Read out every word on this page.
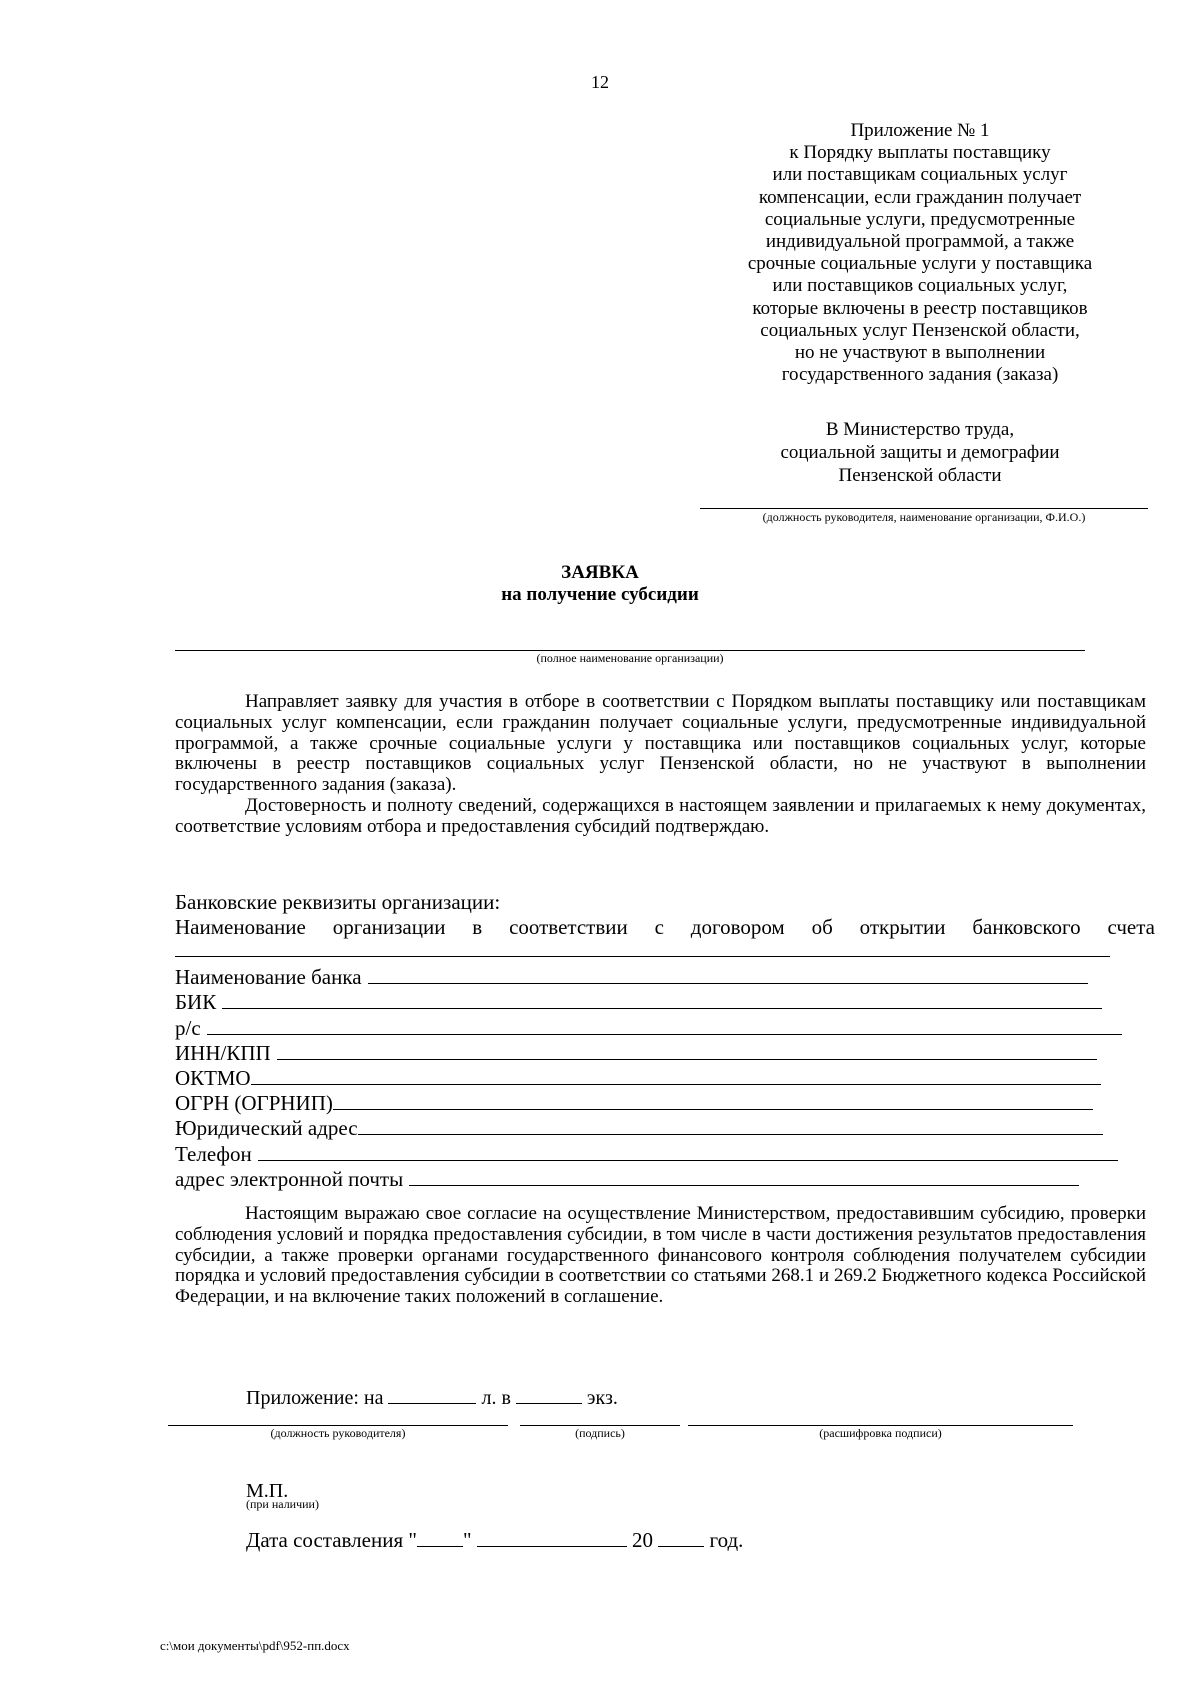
12
Приложение № 1
к Порядку выплаты поставщику
или поставщикам социальных услуг
компенсации, если гражданин получает
социальные услуги, предусмотренные
индивидуальной программой, а также
срочные социальные услуги у поставщика
или поставщиков социальных услуг,
которые включены в реестр поставщиков
социальных услуг Пензенской области,
но не участвуют в выполнении
государственного задания (заказа)
В Министерство труда,
социальной защиты и демографии
Пензенской области
(должность руководителя, наименование организации, Ф.И.О.)
ЗАЯВКА
на получение субсидии
(полное наименование организации)

Направляет заявку для участия в отборе в соответствии с Порядком выплаты поставщику или поставщикам социальных услуг компенсации, если гражданин получает социальные услуги, предусмотренные индивидуальной программой, а также срочные социальные услуги у поставщика или поставщиков социальных услуг, которые включены в реестр поставщиков социальных услуг Пензенской области, но не участвуют в выполнении государственного задания (заказа).

Достоверность и полноту сведений, содержащихся в настоящем заявлении и прилагаемых к нему документах, соответствие условиям отбора и предоставления субсидий подтверждаю.

Банковские реквизиты организации:
Наименование организации в соответствии с договором об открытии банковского счета
Наименование банка
БИК
р/с
ИНН/КПП
ОКТМО
ОГРН (ОГРНИП)
Юридический адрес
Телефон
адрес электронной почты

Настоящим выражаю свое согласие на осуществление Министерством, предоставившим субсидию, проверки соблюдения условий и порядка предоставления субсидии, в том числе в части достижения результатов предоставления субсидии, а также проверки органами государственного финансового контроля соблюдения получателем субсидии порядка и условий предоставления субсидии в соответствии со статьями 268.1 и 269.2 Бюджетного кодекса Российской Федерации, и на включение таких положений в соглашение.

Приложение: на	л. в	экз.
(должность руководителя)	(подпись)	(расшифровка подписи)
М.П.
(при наличии)
Дата составления " "	20	год.
c:\мои документы\pdf\952-пп.docx
